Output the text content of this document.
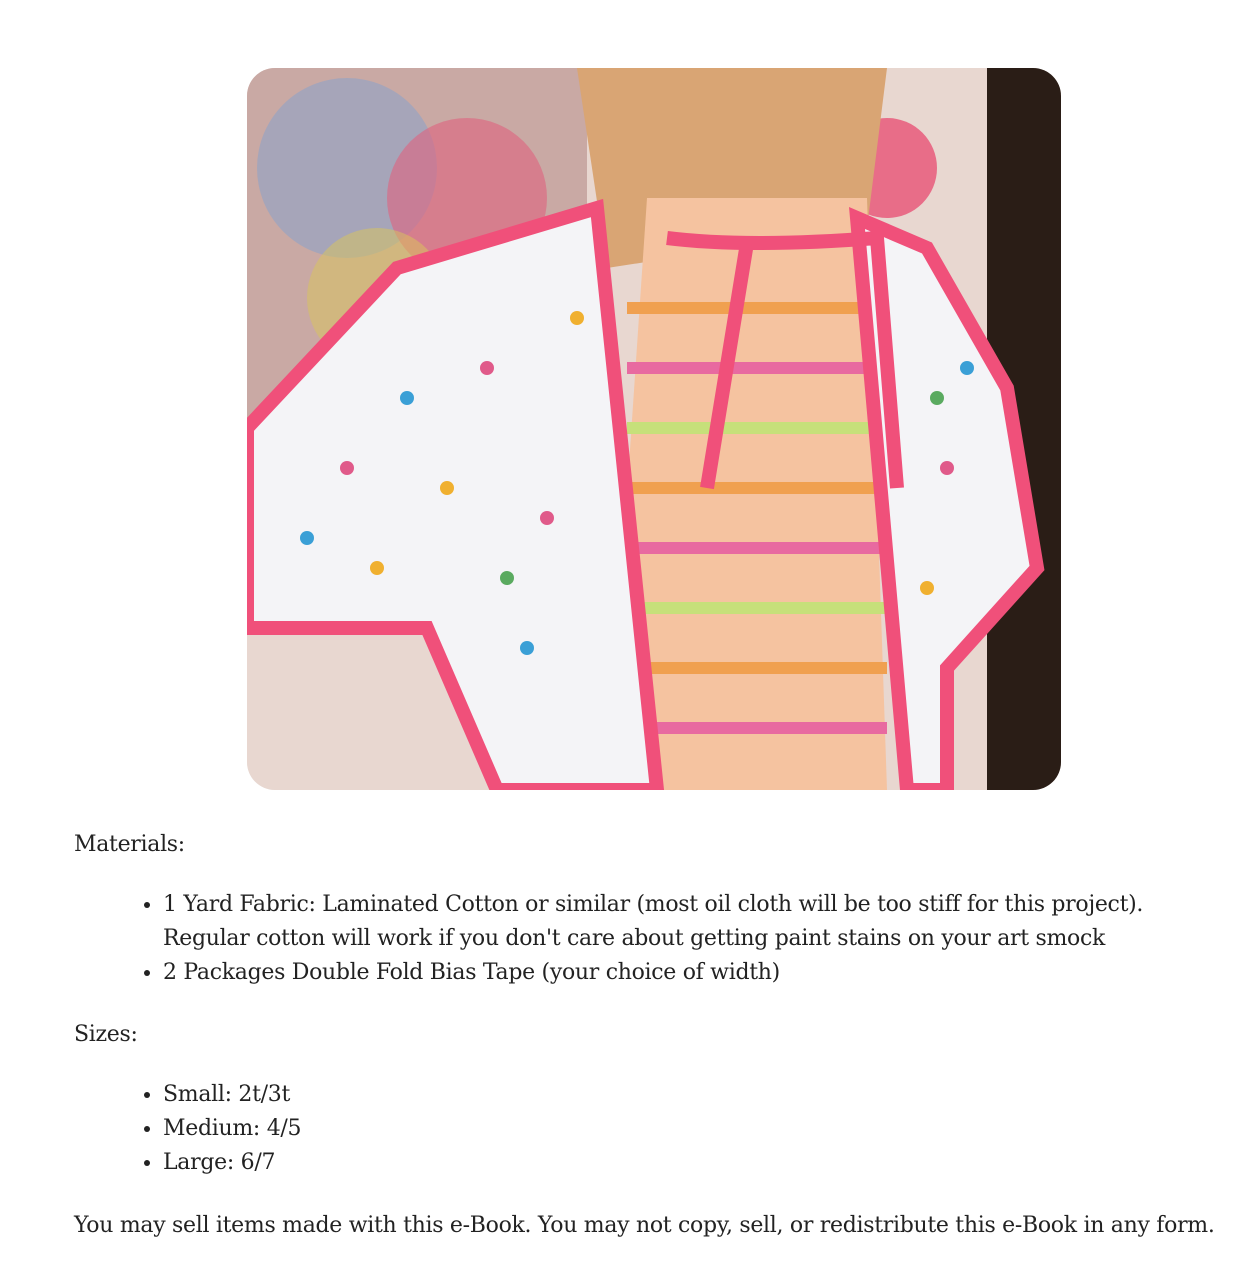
Materials:
• 1 Yard Fabric: Laminated Cotton or similar (most oil cloth will be too stiff for this project). Regular cotton will work if you don't care about getting paint stains on your art smock
• 2 Packages Double Fold Bias Tape (your choice of width)
Sizes:
• Small: 2t/3t
• Medium: 4/5
• Large: 6/7
You may sell items made with this e-Book. You may not copy, sell, or redistribute this e-Book in any form.
